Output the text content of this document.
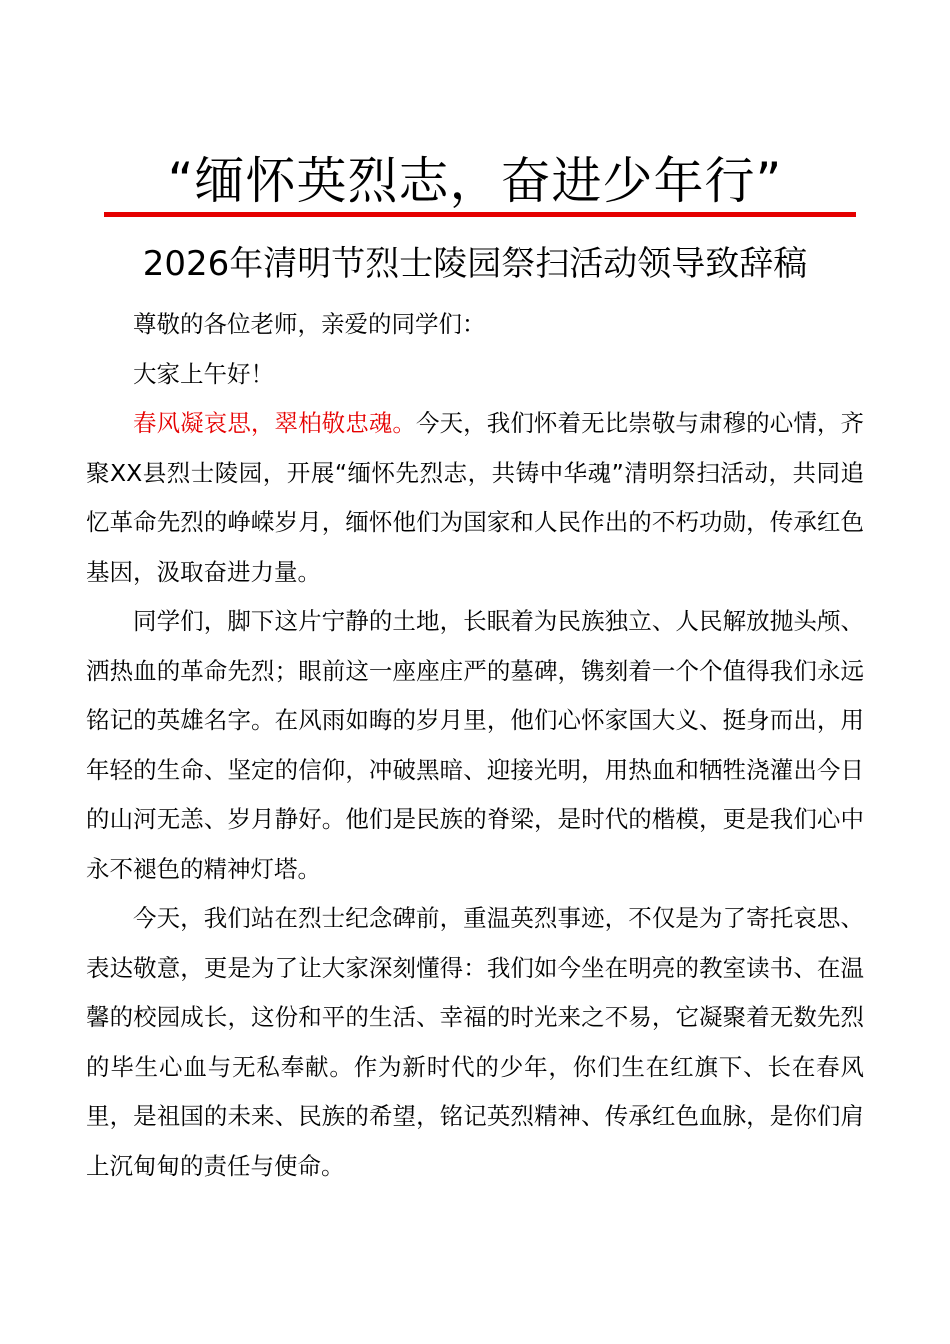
“缅怀英烈志，奋进少年行”
2026年清明节烈士陵园祭扫活动领导致辞稿

尊敬的各位老师，亲爱的同学们：

大家上午好！

春风凝哀思，翠柏敬忠魂。今天，我们怀着无比崇敬与肃穆的心情，齐聚XX县烈士陵园，开展“缅怀先烈志，共铸中华魂”清明祭扫活动，共同追忆革命先烈的峥嵘岁月，缅怀他们为国家和人民作出的不朽功勋，传承红色基因，汲取奋进力量。

同学们，脚下这片宁静的土地，长眠着为民族独立、人民解放抛头颅、洒热血的革命先烈；眼前这一座座庄严的墓碑，镌刻着一个个值得我们永远铭记的英雄名字。在风雨如晦的岁月里，他们心怀家国大义、挺身而出，用年轻的生命、坚定的信仰，冲破黑暗、迎接光明，用热血和牺牲浇灌出今日的山河无恙、岁月静好。他们是民族的脊梁，是时代的楷模，更是我们心中永不褪色的精神灯塔。

今天，我们站在烈士纪念碑前，重温英烈事迹，不仅是为了寄托哀思、表达敬意，更是为了让大家深刻懂得：我们如今坐在明亮的教室读书、在温馨的校园成长，这份和平的生活、幸福的时光来之不易，它凝聚着无数先烈的毕生心血与无私奉献。作为新时代的少年，你们生在红旗下、长在春风里，是祖国的未来、民族的希望，铭记英烈精神、传承红色血脉，是你们肩上沉甸甸的责任与使命。
